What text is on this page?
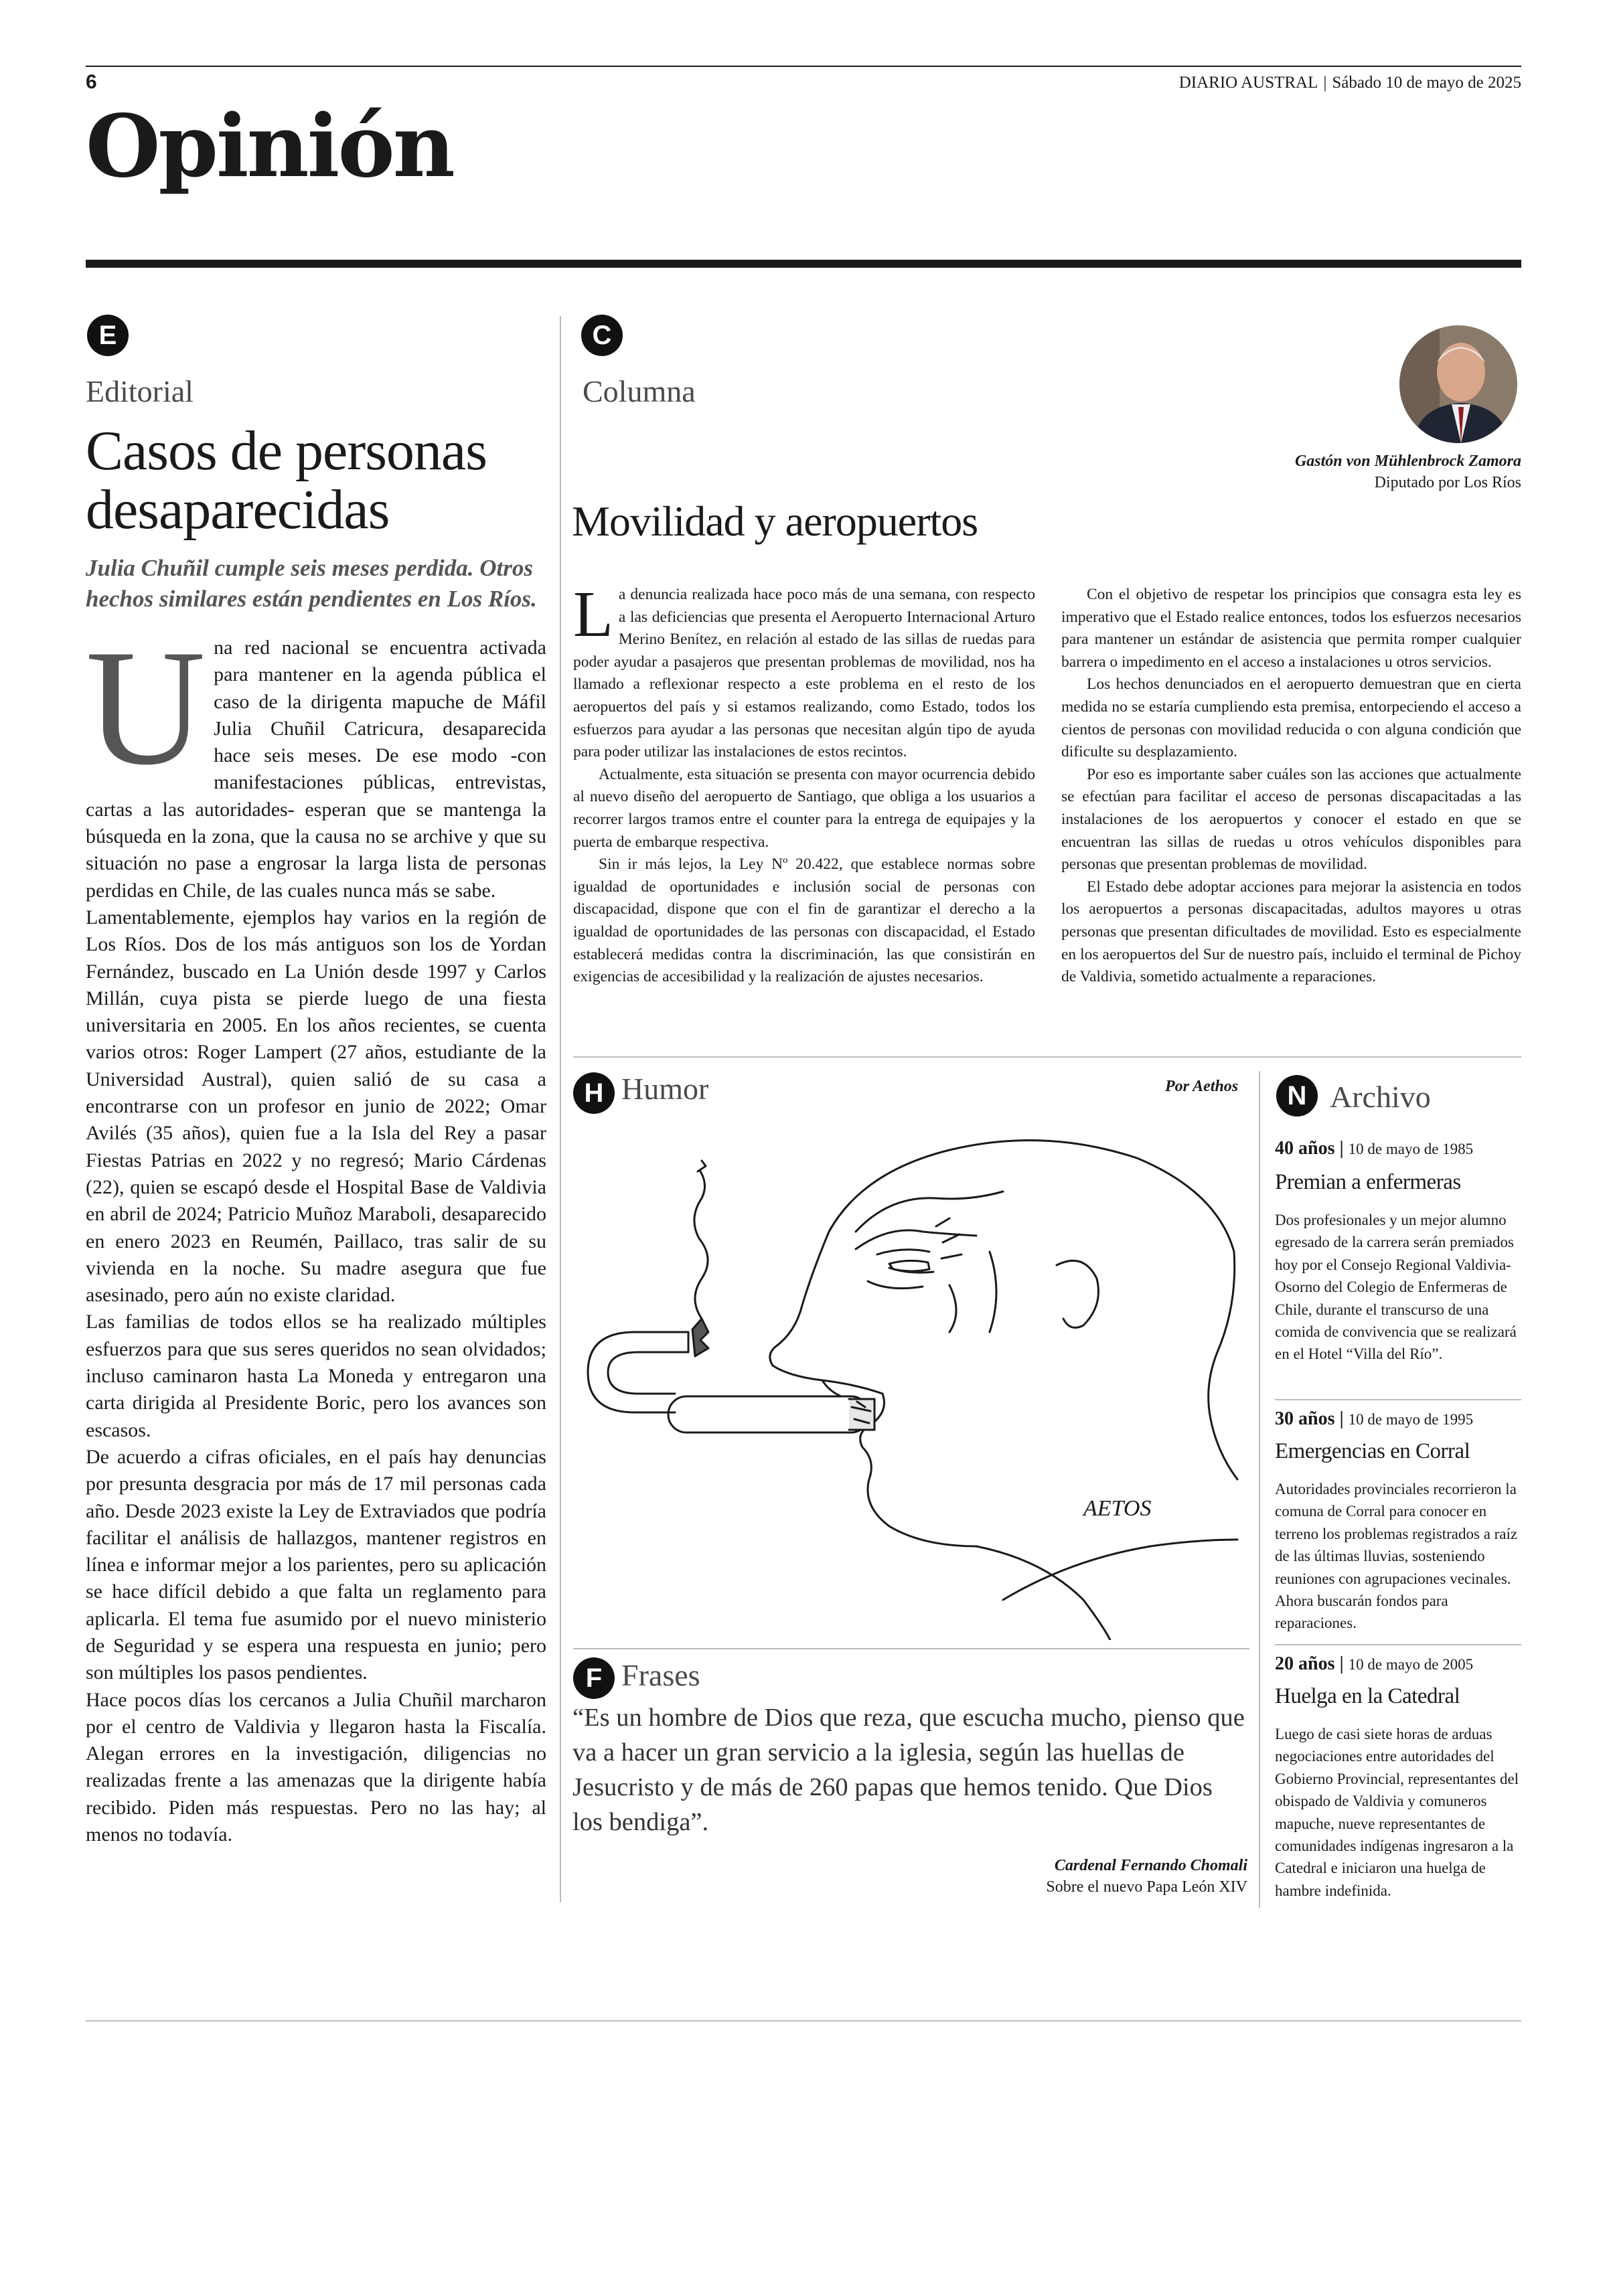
6	DIARIO AUSTRAL | Sábado 10 de mayo de 2025
Opinión
E
Editorial
Casos de personas
desaparecidas
Julia Chuñil cumple seis meses perdida. Otros hechos similares están pendientes en Los Ríos.
U na red nacional se encuentra activada para mantener en la agenda pública el caso de la dirigenta mapuche de Máfil Julia Chuñil Catricura, desaparecida hace seis meses. De ese modo -con manifestaciones públicas, entrevistas, cartas a las autoridades- esperan que se mantenga la búsqueda en la zona, que la causa no se archive y que su situación no pase a engrosar la larga lista de personas perdidas en Chile, de las cuales nunca más se sabe.

Lamentablemente, ejemplos hay varios en la región de Los Ríos. Dos de los más antiguos son los de Yordan Fernández, buscado en La Unión desde 1997 y Carlos Millán, cuya pista se pierde luego de una fiesta universitaria en 2005. En los años recientes, se cuenta varios otros: Roger Lampert (27 años, estudiante de la Universidad Austral), quien salió de su casa a encontrarse con un profesor en junio de 2022; Omar Avilés (35 años), quien fue a la Isla del Rey a pasar Fiestas Patrias en 2022 y no regresó; Mario Cárdenas (22), quien se escapó desde el Hospital Base de Valdivia en abril de 2024; Patricio Muñoz Maraboli, desaparecido en enero 2023 en Reumén, Paillaco, tras salir de su vivienda en la noche. Su madre asegura que fue asesinado, pero aún no existe claridad.

Las familias de todos ellos se ha realizado múltiples esfuerzos para que sus seres queridos no sean olvidados; incluso caminaron hasta La Moneda y entregaron una carta dirigida al Presidente Boric, pero los avances son escasos.

De acuerdo a cifras oficiales, en el país hay denuncias por presunta desgracia por más de 17 mil personas cada año. Desde 2023 existe la Ley de Extraviados que podría facilitar el análisis de hallazgos, mantener registros en línea e informar mejor a los parientes, pero su aplicación se hace difícil debido a que falta un reglamento para aplicarla. El tema fue asumido por el nuevo ministerio de Seguridad y se espera una respuesta en junio; pero son múltiples los pasos pendientes.

Hace pocos días los cercanos a Julia Chuñil marcharon por el centro de Valdivia y llegaron hasta la Fiscalía. Alegan errores en la investigación, diligencias no realizadas frente a las amenazas que la dirigente había recibido. Piden más respuestas. Pero no las hay; al menos no todavía.

C
Columna
Gastón von Mühlenbrock Zamora
Diputado por Los Ríos
Movilidad y aeropuertos
L a denuncia realizada hace poco más de una semana, con respecto a las deficiencias que presenta el Aeropuerto Internacional Arturo Merino Benítez, en relación al estado de las sillas de ruedas para poder ayudar a pasajeros que presentan problemas de movilidad, nos ha llamado a reflexionar respecto a este problema en el resto de los aeropuertos del país y si estamos realizando, como Estado, todos los esfuerzos para ayudar a las personas que necesitan algún tipo de ayuda para poder utilizar las instalaciones de estos recintos.

Actualmente, esta situación se presenta con mayor ocurrencia debido al nuevo diseño del aeropuerto de Santiago, que obliga a los usuarios a recorrer largos tramos entre el counter para la entrega de equipajes y la puerta de embarque respectiva.

Sin ir más lejos, la Ley Nº 20.422, que establece normas sobre igualdad de oportunidades e inclusión social de personas con discapacidad, dispone que con el fin de garantizar el derecho a la igualdad de oportunidades de las personas con discapacidad, el Estado establecerá medidas contra la discriminación, las que consistirán en exigencias de accesibilidad y la realización de ajustes necesarios.

Con el objetivo de respetar los principios que consagra esta ley es imperativo que el Estado realice entonces, todos los esfuerzos necesarios para mantener un estándar de asistencia que permita romper cualquier barrera o impedimento en el acceso a instalaciones u otros servicios.

Los hechos denunciados en el aeropuerto demuestran que en cierta medida no se estaría cumpliendo esta premisa, entorpeciendo el acceso a cientos de personas con movilidad reducida o con alguna condición que dificulte su desplazamiento.

Por eso es importante saber cuáles son las acciones que actualmente se efectúan para facilitar el acceso de personas discapacitadas a las instalaciones de los aeropuertos y conocer el estado en que se encuentran las sillas de ruedas u otros vehículos disponibles para personas que presentan problemas de movilidad.

El Estado debe adoptar acciones para mejorar la asistencia en todos los aeropuertos a personas discapacitadas, adultos mayores u otras personas que presentan dificultades de movilidad. Esto es especialmente en los aeropuertos del Sur de nuestro país, incluido el terminal de Pichoy de Valdivia, sometido actualmente a reparaciones.

H Humor	Por Aethos
AETOS
F Frases
“Es un hombre de Dios que reza, que escucha mucho, pienso que va a hacer un gran servicio a la iglesia, según las huellas de Jesucristo y de más de 260 papas que hemos tenido. Que Dios los bendiga”.
Cardenal Fernando Chomali
Sobre el nuevo Papa León XIV
N Archivo
40 años | 10 de mayo de 1985
Premian a enfermeras
Dos profesionales y un mejor alumno egresado de la carrera serán premiados hoy por el Consejo Regional Valdivia-Osorno del Colegio de Enfermeras de Chile, durante el transcurso de una comida de convivencia que se realizará en el Hotel “Villa del Río”.
30 años | 10 de mayo de 1995
Emergencias en Corral
Autoridades provinciales recorrieron la comuna de Corral para conocer en terreno los problemas registrados a raíz de las últimas lluvias, sosteniendo reuniones con agrupaciones vecinales. Ahora buscarán fondos para reparaciones.
20 años | 10 de mayo de 2005
Huelga en la Catedral
Luego de casi siete horas de arduas negociaciones entre autoridades del Gobierno Provincial, representantes del obispado de Valdivia y comuneros mapuche, nueve representantes de comunidades indígenas ingresaron a la Catedral e iniciaron una huelga de hambre indefinida.
